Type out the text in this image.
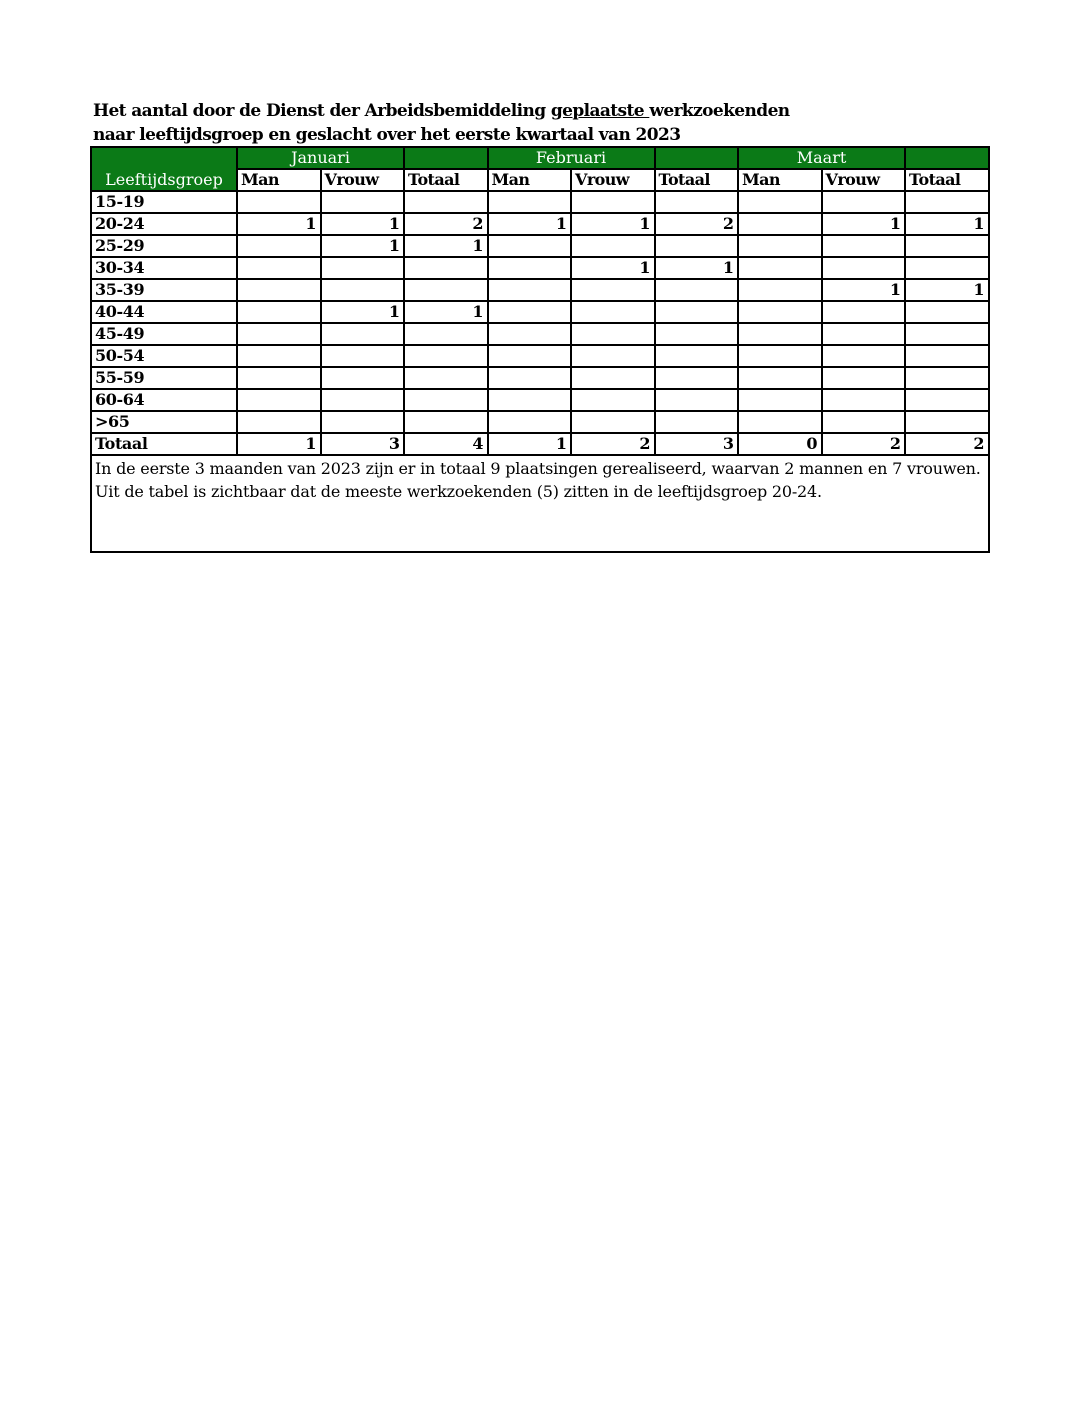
Het aantal door de Dienst der Arbeidsbemiddeling geplaatste werkzoekenden
naar leeftijdsgroep en geslacht over het eerste kwartaal van 2023
Leeftijdsgroep	Januari			Februari			Maart		
	Man	Vrouw	Totaal	Man	Vrouw	Totaal	Man	Vrouw	Totaal
15-19									
20-24	1	1	2	1	1	2		1	1
25-29		1	1						
30-34					1	1			
35-39								1	1
40-44		1	1						
45-49									
50-54									
55-59									
60-64									
>65									
Totaal	1	3	4	1	2	3	0	2	2
In de eerste 3 maanden van 2023 zijn er in totaal 9 plaatsingen gerealiseerd, waarvan 2 mannen en 7 vrouwen. Uit de tabel is zichtbaar dat de meeste werkzoekenden (5) zitten in de leeftijdsgroep 20-24.									
